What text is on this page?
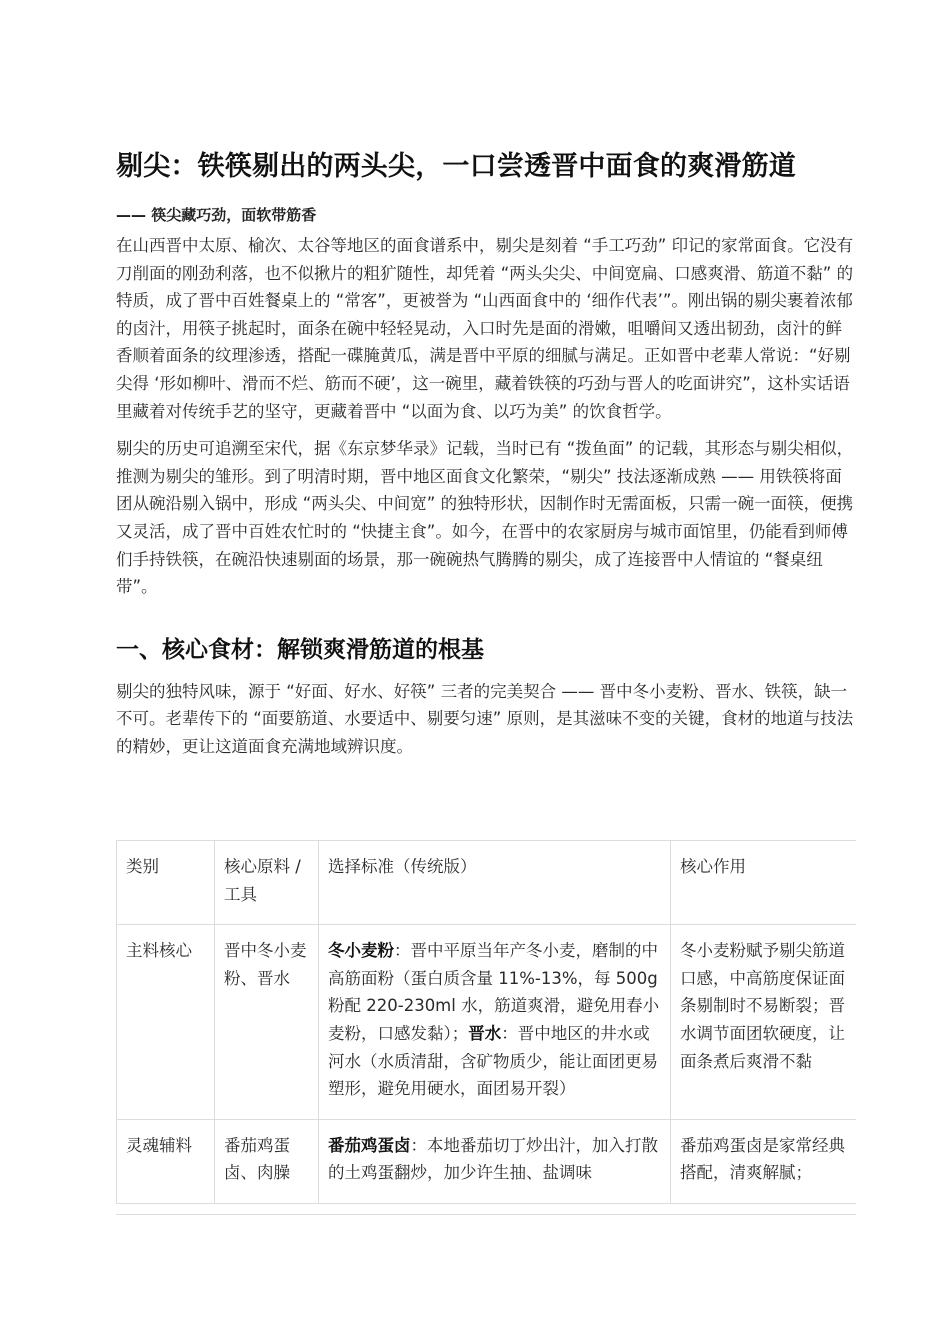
剔尖：铁筷剔出的两头尖，一口尝透晋中面食的爽滑筋道
—— 筷尖藏巧劲，面软带筋香

在山西晋中太原、榆次、太谷等地区的面食谱系中，剔尖是刻着 “手工巧劲” 印记的家常面食。它没有刀削面的刚劲利落，也不似揪片的粗犷随性，却凭着 “两头尖尖、中间宽扁、口感爽滑、筋道不黏” 的特质，成了晋中百姓餐桌上的 “常客”，更被誉为 “山西面食中的 ‘细作代表’”。刚出锅的剔尖裹着浓郁的卤汁，用筷子挑起时，面条在碗中轻轻晃动，入口时先是面的滑嫩，咀嚼间又透出韧劲，卤汁的鲜香顺着面条的纹理渗透，搭配一碟腌黄瓜，满是晋中平原的细腻与满足。正如晋中老辈人常说：“好剔尖得 ‘形如柳叶、滑而不烂、筋而不硬’，这一碗里，藏着铁筷的巧劲与晋人的吃面讲究”，这朴实话语里藏着对传统手艺的坚守，更藏着晋中 “以面为食、以巧为美” 的饮食哲学。

剔尖的历史可追溯至宋代，据《东京梦华录》记载，当时已有 “拨鱼面” 的记载，其形态与剔尖相似，推测为剔尖的雏形。到了明清时期，晋中地区面食文化繁荣，“剔尖” 技法逐渐成熟 —— 用铁筷将面团从碗沿剔入锅中，形成 “两头尖、中间宽” 的独特形状，因制作时无需面板，只需一碗一面筷，便携又灵活，成了晋中百姓农忙时的 “快捷主食”。如今，在晋中的农家厨房与城市面馆里，仍能看到师傅们手持铁筷，在碗沿快速剔面的场景，那一碗碗热气腾腾的剔尖，成了连接晋中人情谊的 “餐桌纽带”。

一、核心食材：解锁爽滑筋道的根基

剔尖的独特风味，源于 “好面、好水、好筷” 三者的完美契合 —— 晋中冬小麦粉、晋水、铁筷，缺一不可。老辈传下的 “面要筋道、水要适中、剔要匀速” 原则，是其滋味不变的关键，食材的地道与技法的精妙，更让这道面食充满地域辨识度。

类别	核心原料 / 工具	选择标准（传统版）	核心作用
主料核心	晋中冬小麦粉、晋水	冬小麦粉：晋中平原当年产冬小麦，磨制的中高筋面粉（蛋白质含量 11%-13%，每 500g 粉配 220-230ml 水，筋道爽滑，避免用春小麦粉，口感发黏）；晋水：晋中地区的井水或河水（水质清甜，含矿物质少，能让面团更易塑形，避免用硬水，面团易开裂）	冬小麦粉赋予剔尖筋道口感，中高筋度保证面条剔制时不易断裂；晋水调节面团软硬度，让面条煮后爽滑不黏
灵魂辅料	番茄鸡蛋卤、肉臊	番茄鸡蛋卤：本地番茄切丁炒出汁，加入打散的土鸡蛋翻炒，加少许生抽、盐调味	番茄鸡蛋卤是家常经典搭配，清爽解腻；
